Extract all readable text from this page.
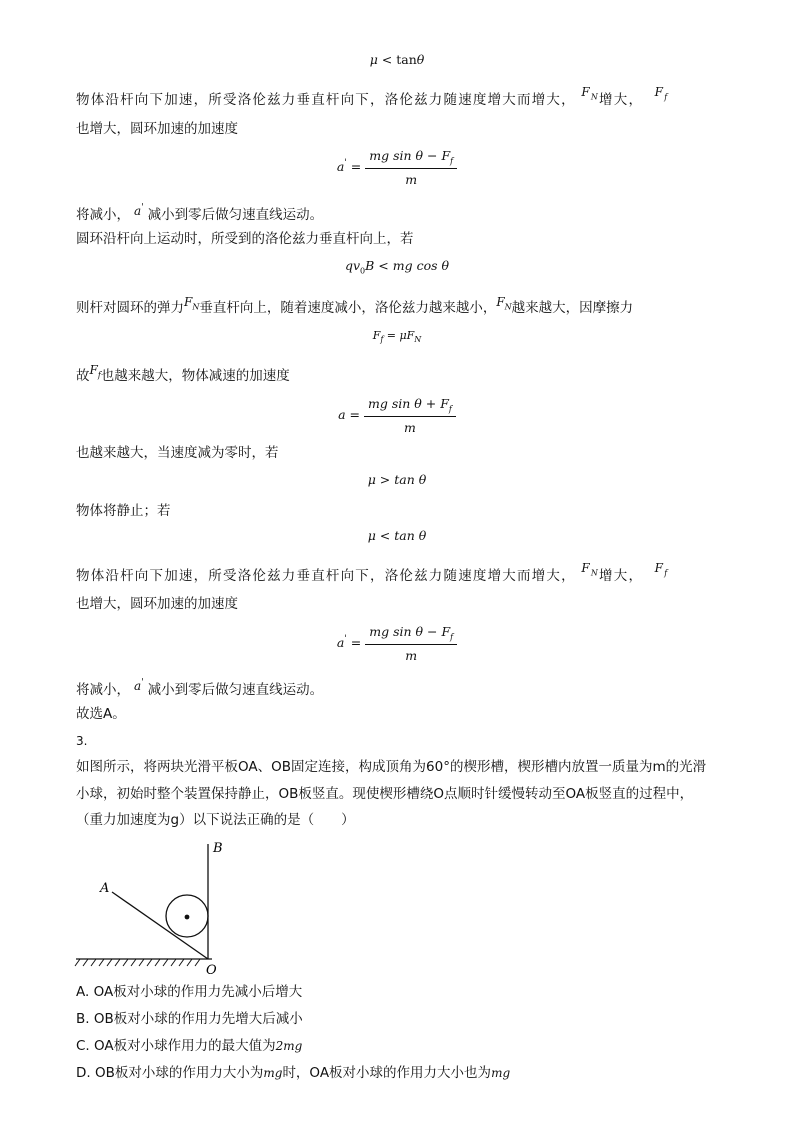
μ < tanθ
物体沿杆向下加速，所受洛伦兹力垂直杆向下，洛伦兹力随速度增大而增大， $F_N$增大， $F_f$
也增大，圆环加速的加速度
$a' = \frac{mg \sin \theta - F_f}{m}$
将减小， a' 减小到零后做匀速直线运动。
圆环沿杆向上运动时，所受到的洛伦兹力垂直杆向上，若
$qv_0B$ < mg cos θ
则杆对圆环的弹力$F_N$垂直杆向上，随着速度减小，洛伦兹力越来越小，$F_N$越来越大，因摩擦力
$F_f = \mu F_N$
故$F_f$也越来越大，物体减速的加速度
$a = \frac{mg \sin \theta + F_f}{m}$
也越来越大，当速度减为零时，若
μ > tan θ
物体将静止；若
μ < tan θ
物体沿杆向下加速，所受洛伦兹力垂直杆向下，洛伦兹力随速度增大而增大， $F_N$增大， $F_f$
也增大，圆环加速的加速度
$a' = \frac{mg \sin \theta - F_f}{m}$
将减小， a' 减小到零后做匀速直线运动。
故选A。
3.
如图所示，将两块光滑平板OA、OB固定连接，构成顶角为60°的楔形槽，楔形槽内放置一质量为m的光滑
小球，初始时整个装置保持静止，OB板竖直。现使楔形槽绕O点顺时针缓慢转动至OA板竖直的过程中，
（重力加速度为g）以下说法正确的是（　　）
B
A
O
A. OA板对小球的作用力先减小后增大
B. OB板对小球的作用力先增大后减小
C. OA板对小球作用力的最大值为2mg
D. OB板对小球的作用力大小为mg时，OA板对小球的作用力大小也为mg
